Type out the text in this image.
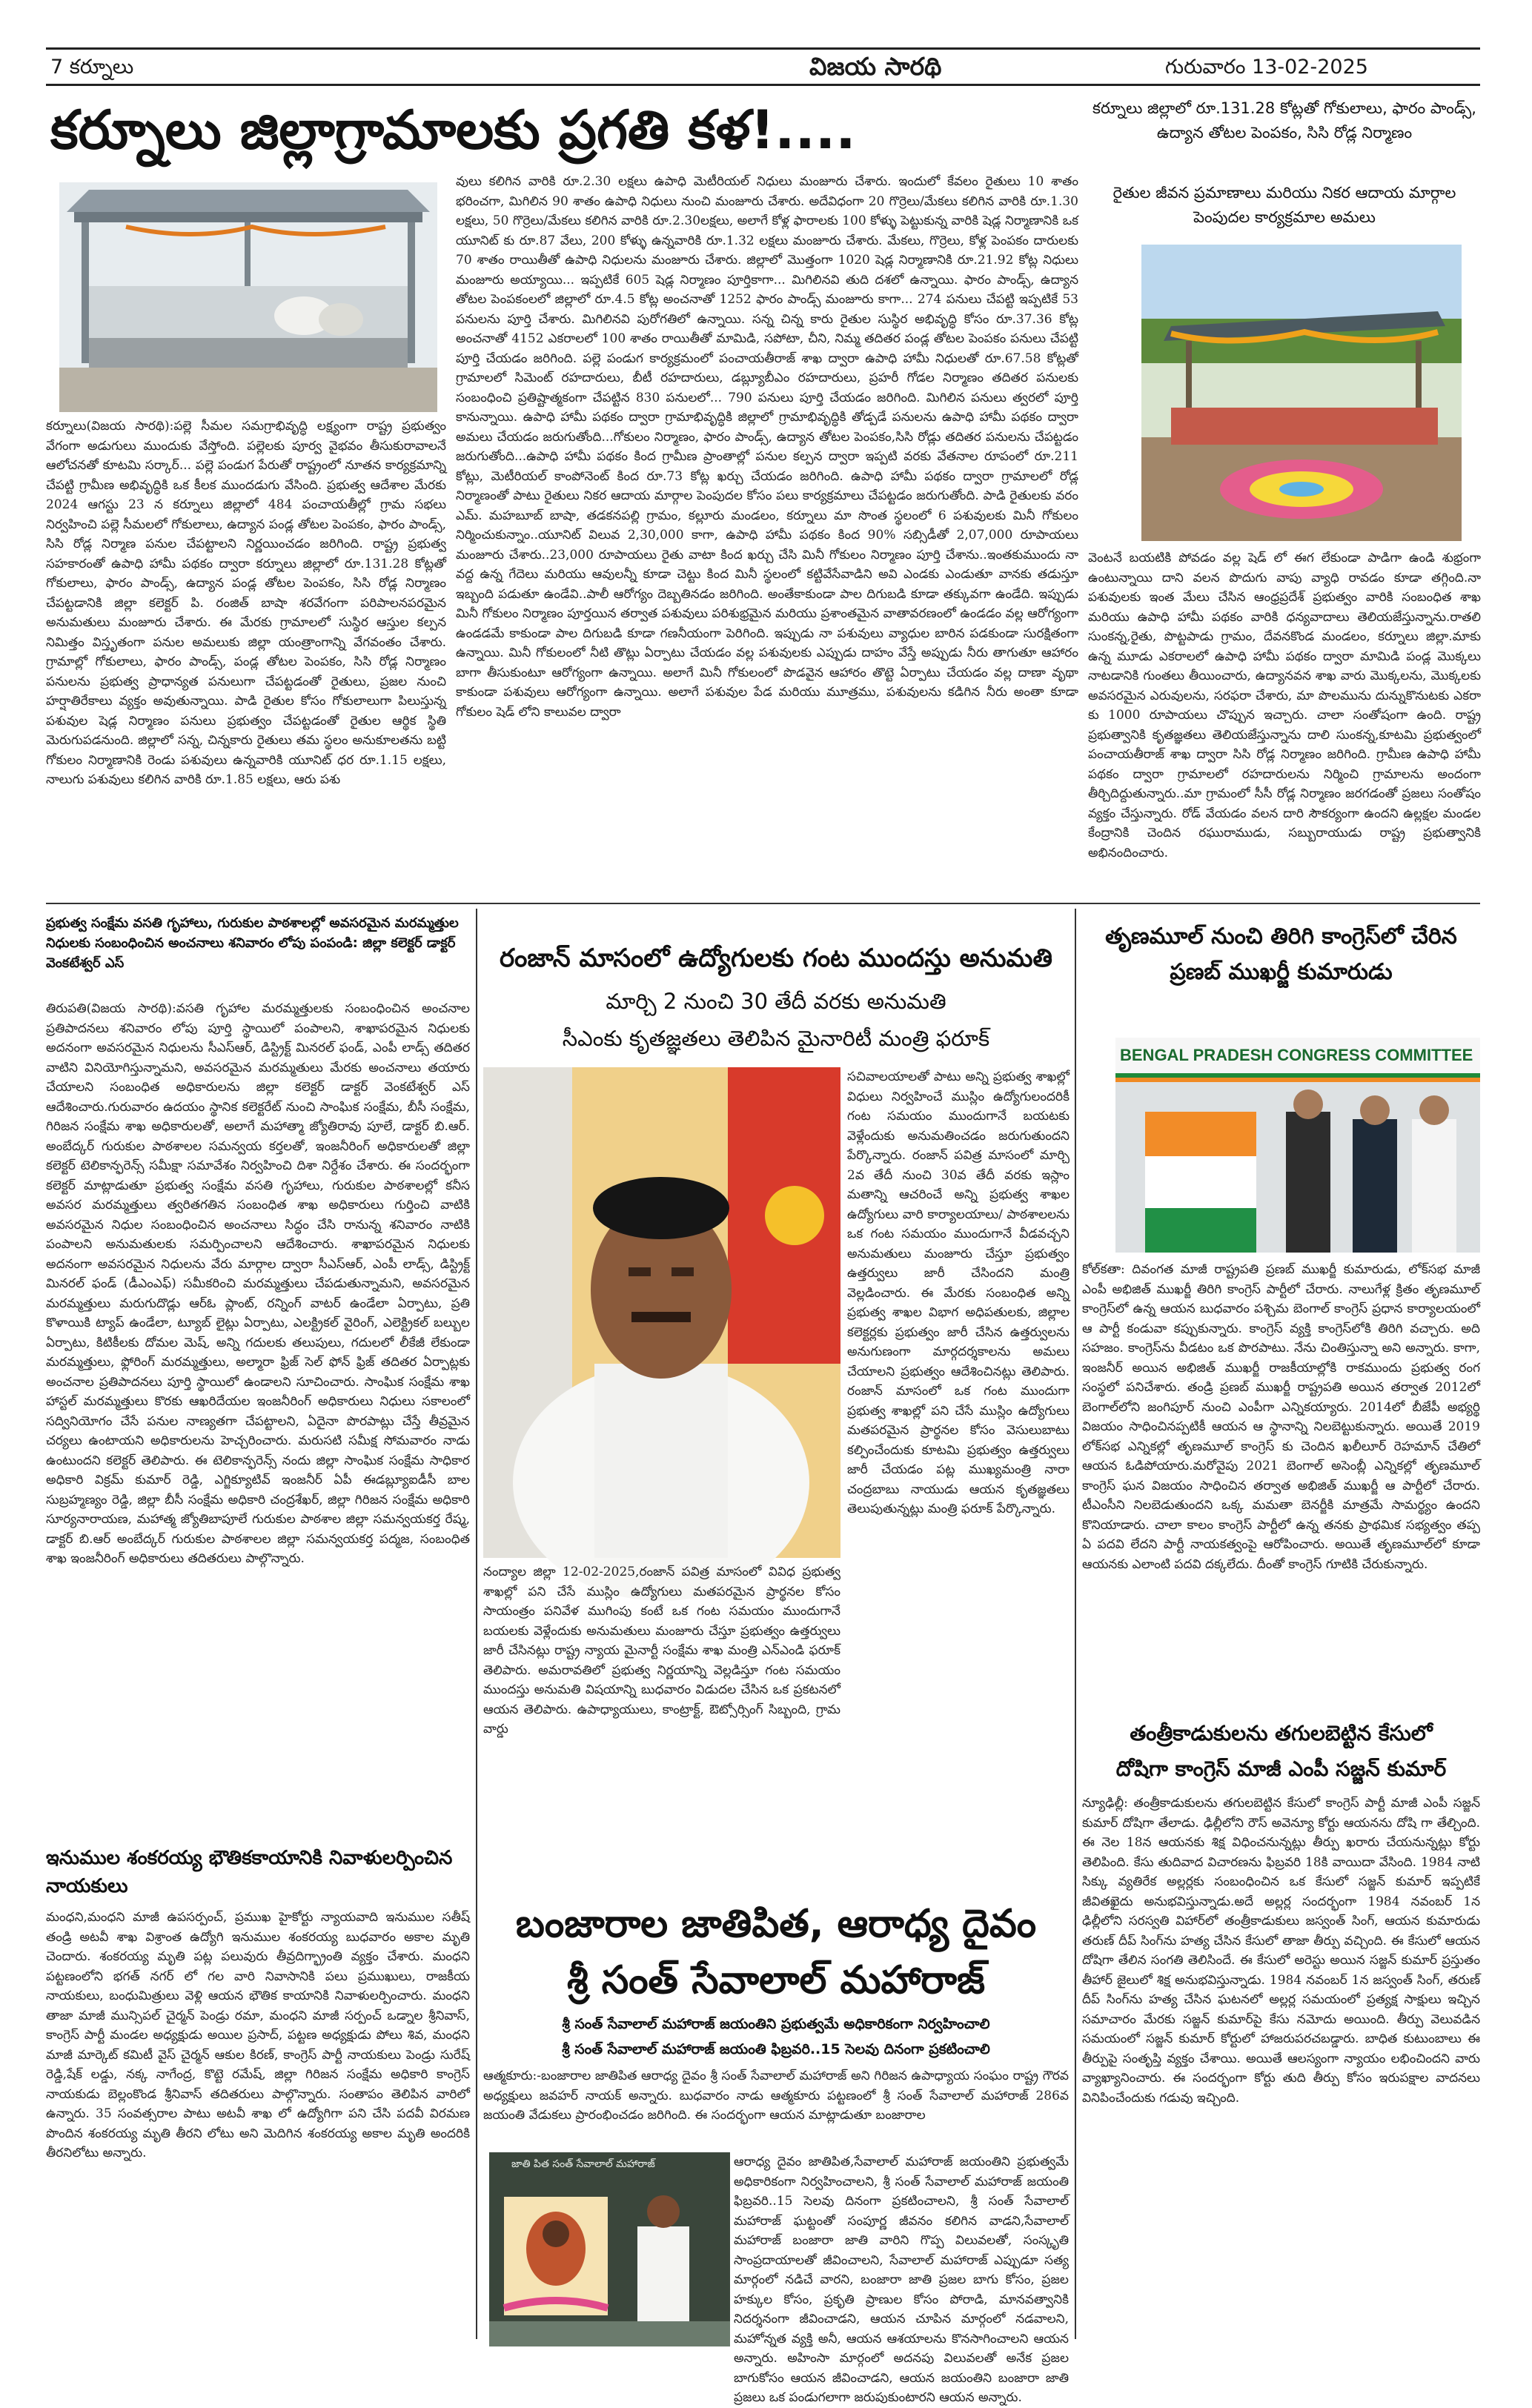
7 కర్నూలు	విజయ సారథి	గురువారం 13-02-2025
కర్నూలు జిల్లాగ్రామాలకు ప్రగతి కళ!....	కర్నూలు జిల్లాలో రూ.131.28 కోట్లతో గోకులాలు, ఫారం పాండ్స్, ఉద్యాన తోటల పెంపకం, సిసి రోడ్ల నిర్మాణం
రైతుల జీవన ప్రమాణాలు మరియు నికర ఆదాయ మార్గాల పెంపుదల కార్యక్రమాల అమలు
కర్నూలు(విజయ సారథి):పల్లె సీమల సమగ్రాభివృద్ధి లక్ష్యంగా రాష్ట్ర ప్రభుత్వం వేగంగా అడుగులు ముందుకు వేస్తోంది. పల్లెలకు పూర్వ వైభవం తీసుకురావాలనే ఆలోచనతో కూటమి సర్కార్... పల్లె పండుగ పేరుతో రాష్ట్రంలో నూతన కార్యక్రమాన్ని చేపట్టి గ్రామీణ అభివృద్ధికి ఒక కీలక ముందడుగు వేసింది. ప్రభుత్వ ఆదేశాల మేరకు 2024 ఆగస్టు 23 న కర్నూలు జిల్లాలో 484 పంచాయతీల్లో గ్రామ సభలు నిర్వహించి పల్లె సీమలలో గోకులాలు, ఉద్యాన పండ్ల తోటల పెంపకం, ఫారం పాండ్స్, సిసి రోడ్ల నిర్మాణ పనుల చేపట్టాలని నిర్ణయించడం జరిగింది. రాష్ట్ర ప్రభుత్వ సహకారంతో ఉపాధి హామీ పథకం ద్వారా కర్నూలు జిల్లాలో రూ.131.28 కోట్లతో గోకులాలు, ఫారం పాండ్స్, ఉద్యాన పండ్ల తోటల పెంపకం, సిసి రోడ్ల నిర్మాణం చేపట్టడానికి జిల్లా కలెక్టర్ పి. రంజిత్ బాషా శరవేగంగా పరిపాలనపరమైన అనుమతులు మంజూరు చేశారు. ఈ మేరకు గ్రామాలలో సుస్థిర ఆస్తుల కల్పన నిమిత్తం విస్తృతంగా పనుల అమలుకు జిల్లా యంత్రాంగాన్ని వేగవంతం చేశారు. గ్రామాల్లో గోకులాలు, ఫారం పాండ్స్, పండ్ల తోటల పెంపకం, సిసి రోడ్ల నిర్మాణం పనులను ప్రభుత్వ ప్రాధాన్యత పనులుగా చేపట్టడంతో రైతులు, ప్రజల నుంచి హర్షాతిరేకాలు వ్యక్తం అవుతున్నాయి. పాడి రైతుల కోసం గోకులాలుగా పిలుస్తున్న పశువుల షెడ్ల నిర్మాణం పనులు ప్రభుత్వం చేపట్టడంతో రైతుల ఆర్థిక స్థితి మెరుగుపడనుంది. జిల్లాలో సన్న, చిన్నకారు రైతులు తమ స్థలం అనుకూలతను బట్టి గోకులం నిర్మాణానికి రెండు పశువులు ఉన్నవారికి యూనిట్ ధర రూ.1.15 లక్షలు, నాలుగు పశువులు కలిగిన వారికి రూ.1.85 లక్షలు, ఆరు పశు
వులు కలిగిన వారికి రూ.2.30 లక్షలు ఉపాధి మెటీరియల్ నిధులు మంజూరు చేశారు. ఇందులో కేవలం రైతులు 10 శాతం భరించగా, మిగిలిన 90 శాతం ఉపాధి నిధులు నుంచి మంజూరు చేశారు. అదేవిధంగా 20 గొర్రెలు/మేకలు కలిగిన వారికి రూ.1.30 లక్షలు, 50 గొర్రెలు/మేకలు కలిగిన వారికి రూ.2.30లక్షలు, అలాగే కోళ్ల ఫారాలకు 100 కోళ్ళు పెట్టుకున్న వారికి షెడ్ల నిర్మాణానికి ఒక యూనిట్ కు రూ.87 వేలు, 200 కోళ్ళు ఉన్నవారికి రూ.1.32 లక్షలు మంజూరు చేశారు. మేకలు, గొర్రెలు, కోళ్ల పెంపకం దారులకు 70 శాతం రాయితీతో ఉపాధి నిధులను మంజూరు చేశారు. జిల్లాలో మొత్తంగా 1020 షెడ్ల నిర్మాణానికి రూ.21.92 కోట్ల నిధులు మంజూరు అయ్యాయి... ఇప్పటికే 605 షెడ్ల నిర్మాణం పూర్తికాగా... మిగిలినవి తుది దశలో ఉన్నాయి. ఫారం పాండ్స్, ఉద్యాన తోటల పెంపకంలలో జిల్లాలో రూ.4.5 కోట్ల అంచనాతో 1252 ఫారం పాండ్స్ మంజూరు కాగా... 274 పనులు చేపట్టి ఇప్పటికే 53 పనులను పూర్తి చేశారు. మిగిలినవి పురోగతిలో ఉన్నాయి. సన్న చిన్న కారు రైతుల సుస్థిర అభివృద్ధి కోసం రూ.37.36 కోట్ల అంచనాతో 4152 ఎకరాలలో 100 శాతం రాయితీతో మామిడి, సపోటా, చీని, నిమ్మ తదితర పండ్ల తోటల పెంపకం పనులు చేపట్టి పూర్తి చేయడం జరిగింది. పల్లె పండుగ కార్యక్రమంలో పంచాయతీరాజ్ శాఖ ద్వారా ఉపాధి హామీ నిధులతో రూ.67.58 కోట్లతో గ్రామాలలో సిమెంట్ రహదారులు, బీటీ రహదారులు, డబ్ల్యూబీఎం రహదారులు, ప్రహరీ గోడల నిర్మాణం తదితర పనులకు సంబంధించి ప్రతిష్టాత్మకంగా చేపట్టిన 830 పనులలో... 790 పనులు పూర్తి చేయడం జరిగింది. మిగిలిన పనులు త్వరలో పూర్తి కానున్నాయి. ఉపాధి హామీ పథకం ద్వారా గ్రామాభివృద్ధికి జిల్లాలో గ్రామాభివృద్ధికి తోడ్పడే పనులను ఉపాధి హామీ పథకం ద్వారా అమలు చేయడం జరుగుతోంది...గోకులం నిర్మాణం, ఫారం పాండ్స్, ఉద్యాన తోటల పెంపకం,సిసి రోడ్లు తదితర పనులను చేపట్టడం జరుగుతోంది...ఉపాధి హామీ పథకం కింద గ్రామీణ ప్రాంతాల్లో పనుల కల్పన ద్వారా ఇప్పటి వరకు వేతనాల రూపంలో రూ.211 కోట్లు, మెటీరియల్ కాంపోనెంట్ కింద రూ.73 కోట్ల ఖర్చు చేయడం జరిగింది. ఉపాధి హామీ పథకం ద్వారా గ్రామాలలో రోడ్ల నిర్మాణంతో పాటు రైతులు నికర ఆదాయ మార్గాల పెంపుదల కోసం పలు కార్యక్రమాలు చేపట్టడం జరుగుతోంది. పాడి రైతులకు వరం ఎమ్. మహబూబ్ బాషా, తడకనపల్లి గ్రామం, కల్లూరు మండలం, కర్నూలు మా సొంత స్థలంలో 6 పశువులకు మినీ గోకులం నిర్మించుకున్నాం..యూనిట్ విలువ 2,30,000 కాగా, ఉపాధి హామీ పథకం కింద 90% సబ్సిడీతో 2,07,000 రూపాయలు మంజూరు చేశారు..23,000 రూపాయలు రైతు వాటా కింద ఖర్చు చేసి మినీ గోకులం నిర్మాణం పూర్తి చేశాను..ఇంతకుముందు నా వద్ద ఉన్న గేదెలు మరియు ఆవులన్నీ కూడా చెట్టు కింద మినీ స్థలంలో కట్టివేసేవాడిని అవి ఎండకు ఎండుతూ వానకు తడుస్తూ ఇబ్బంది పడుతూ ఉండేవి..పాలీ ఆరోగ్యం దెబ్బతినడం జరిగింది. అంతేకాకుండా పాల దిగుబడి కూడా తక్కువగా ఉండేది. ఇప్పుడు మినీ గోకులం నిర్మాణం పూర్తయిన తర్వాత పశువులు పరిశుభ్రమైన మరియు ప్రశాంతమైన వాతావరణంలో ఉండడం వల్ల ఆరోగ్యంగా ఉండడమే కాకుండా పాల దిగుబడి కూడా గణనీయంగా పెరిగింది. ఇప్పుడు నా పశువులు వ్యాధుల బారిన పడకుండా సురక్షితంగా ఉన్నాయి. మినీ గోకులంలో నీటి తొట్లు ఏర్పాటు చేయడం వల్ల పశువులకు ఎప్పుడు దాహం వేస్తే అప్పుడు నీరు తాగుతూ ఆహారం బాగా తీసుకుంటూ ఆరోగ్యంగా ఉన్నాయి. అలాగే మినీ గోకులంలో పొడవైన ఆహారం తొట్టె ఏర్పాటు చేయడం వల్ల దాణా వృథా కాకుండా పశువులు ఆరోగ్యంగా ఉన్నాయి. అలాగే పశువుల పేడ మరియు మూత్రము, పశువులను కడిగిన నీరు అంతా కూడా గోకులం షెడ్ లోని కాలువల ద్వారా
వెంటనే బయటికి పోవడం వల్ల షెడ్ లో ఈగ లేకుండా పాడిగా ఉండి శుభ్రంగా ఉంటున్నాయి దాని వలన పొదుగు వాపు వ్యాధి రావడం కూడా తగ్గింది.నా పశువులకు ఇంత మేలు చేసిన ఆంధ్రప్రదేశ్ ప్రభుత్వం వారికి సంబంధిత శాఖ మరియు ఉపాధి హామీ పథకం వారికి ధన్యవాదాలు తెలియజేస్తున్నాను.రాతలి సుంకన్న,రైతు, పొట్టపాడు గ్రామం, దేవనకొండ మండలం, కర్నూలు జిల్లా.మాకు ఉన్న మూడు ఎకరాలలో ఉపాధి హామీ పథకం ద్వారా మామిడి పండ్ల మొక్కలు నాటడానికి గుంతలు తీయించారు, ఉద్యానవన శాఖ వారు మొక్కలను, మొక్కలకు అవసరమైన ఎరువులను, సరఫరా చేశారు, మా పొలమును దున్నుకొనుటకు ఎకరా కు 1000 రూపాయలు చొప్పున ఇచ్చారు. చాలా సంతోషంగా ఉంది. రాష్ట్ర ప్రభుత్వానికి కృతజ్ఞతలు తెలియజేస్తున్నాను దాలి సుంకన్న,కూటమి ప్రభుత్వంలో పంచాయతీరాజ్ శాఖ ద్వారా సిసి రోడ్ల నిర్మాణం జరిగింది. గ్రామీణ ఉపాధి హామీ పథకం ద్వారా గ్రామాలలో రహదారులను నిర్మించి గ్రామాలను అందంగా తీర్చిదిద్దుతున్నారు..మా గ్రామంలో సీసీ రోడ్ల నిర్మాణం జరగడంతో ప్రజలు సంతోషం వ్యక్తం చేస్తున్నారు. రోడ్ వేయడం వలన దారి సౌకర్యంగా ఉందని ఉల్లక్షల మండల కేంద్రానికి చెందిన రఘురాముడు, సబ్బురాయుడు రాష్ట్ర ప్రభుత్వానికి అభినందించారు.
ప్రభుత్వ సంక్షేమ వసతి గృహాలు, గురుకుల పాఠశాలల్లో అవసరమైన మరమ్మత్తుల నిధులకు సంబంధించిన అంచనాలు శనివారం లోపు పంపండి: జిల్లా కలెక్టర్ డాక్టర్ వెంకటేశ్వర్ ఎస్
తిరుపతి(విజయ సారథి):వసతి గృహాల మరమ్మత్తులకు సంబంధించిన అంచనాల ప్రతిపాదనలు శనివారం లోపు పూర్తి స్థాయిలో పంపాలని, శాఖాపరమైన నిధులకు అదనంగా అవసరమైన నిధులను సీఎస్ఆర్, డిస్ట్రిక్ట్ మినరల్ ఫండ్, ఎంపీ లాడ్స్ తదితర వాటిని వినియోగిస్తున్నామని, అవసరమైన మరమ్మతులు మేరకు అంచనాలు తయారు చేయాలని సంబంధిత అధికారులను జిల్లా కలెక్టర్ డాక్టర్ వెంకటేశ్వర్ ఎస్ ఆదేశించారు.గురువారం ఉదయం స్థానిక కలెక్టరేట్ నుంచి సాంఘిక సంక్షేమ, బీసీ సంక్షేమ, గిరిజన సంక్షేమ శాఖ అధికారులతో, అలాగే మహాత్మా జ్యోతిరావు పూలే, డాక్టర్ బి.ఆర్. అంబేద్కర్ గురుకుల పాఠశాలల సమన్వయ కర్తలతో, ఇంజనీరింగ్ అధికారులతో జిల్లా కలెక్టర్ టెలికాన్ఫరెన్స్ సమీక్షా సమావేశం నిర్వహించి దిశా నిర్దేశం చేశారు. ఈ సందర్భంగా కలెక్టర్ మాట్లాడుతూ ప్రభుత్వ సంక్షేమ వసతి గృహాలు, గురుకుల పాఠశాలల్లో కనీస అవసర మరమ్మత్తులు త్వరితగతిన సంబంధిత శాఖ అధికారులు గుర్తించి వాటికి అవసరమైన నిధుల సంబంధించిన అంచనాలు సిద్ధం చేసి రానున్న శనివారం నాటికి పంపాలని అనుమతులకు సమర్పించాలని ఆదేశించారు. శాఖాపరమైన నిధులకు అదనంగా అవసరమైన నిధులను వేరు మార్గాల ద్వారా సీఎస్ఆర్, ఎంపీ లాడ్స్, డిస్ట్రిక్ట్ మినరల్ ఫండ్ (డీఎంఎఫ్) సమీకరించి మరమ్మత్తులు చేపడుతున్నామని, అవసరమైన మరమ్మత్తులు మరుగుదొడ్లు ఆర్ఓ ప్లాంట్, రన్నింగ్ వాటర్ ఉండేలా ఏర్పాటు, ప్రతి కొళాయికి ట్యాప్ ఉండేలా, ట్యూబ్ లైట్లు ఏర్పాటు, ఎలక్ట్రికల్ వైరింగ్, ఎలెక్ట్రికల్ బల్బుల ఏర్పాటు, కిటికీలకు దోమల మెష్, అన్ని గదులకు తలుపులు, గదులలో లీకేజీ లేకుండా మరమ్మత్తులు, ఫ్లోరింగ్ మరమ్మత్తులు, అల్మారా ఫ్రిజ్ సెల్ ఫోన్ ఫ్రిజ్ తదితర ఏర్పాట్లకు అంచనాల ప్రతిపాదనలు పూర్తి స్థాయిలో ఉండాలని సూచించారు. సాంఘిక సంక్షేమ శాఖ హాస్టల్ మరమ్మత్తులు కొరకు ఆఖరిదేయల ఇంజనీరింగ్ అధికారులు నిధులు సకాలంలో సద్వినియోగం చేసే పనుల నాణ్యతగా చేపట్టాలని, ఏదైనా పొరపాట్లు చేస్తే తీవ్రమైన చర్యలు ఉంటాయని అధికారులను హెచ్చరించారు. మరుసటి సమీక్ష సోమవారం నాడు ఉంటుందని కలెక్టర్ తెలిపారు. ఈ టెలికాన్ఫరెన్స్ నందు జిల్లా సాంఘిక సంక్షేమ సాధికార అధికారి విక్రమ్ కుమార్ రెడ్డి, ఎగ్జిక్యూటివ్ ఇంజనీర్ ఏపీ ఈడబ్ల్యూఐడీసీ బాల సుబ్రహ్మణ్యం రెడ్డి, జిల్లా బీసీ సంక్షేమ అధికారి చంద్రశేఖర్, జిల్లా గిరిజన సంక్షేమ అధికారి సూర్యనారాయణ, మహాత్మ జ్యోతిబాపూలే గురుకుల పాఠశాల జిల్లా సమన్వయకర్త రేష్మ, డాక్టర్ బి.ఆర్ అంబేద్కర్ గురుకుల పాఠశాలల జిల్లా సమన్వయకర్త పద్మజ, సంబంధిత శాఖ ఇంజనీరింగ్ అధికారులు తదితరులు పాల్గొన్నారు.
ఇనుముల శంకరయ్య భౌతికకాయానికి నివాళులర్పించిన నాయకులు
మంధని,మంధని మాజీ ఉపసర్పంచ్, ప్రముఖ హైకోర్టు న్యాయవాది ఇనుముల సతీష్ తండ్రి అటవీ శాఖ విశ్రాంత ఉద్యోగి ఇనుముల శంకరయ్య బుధవారం అకాల మృతి చెందారు. శంకరయ్య మృతి పట్ల పలువురు తీవ్రదిగ్భ్రాంతి వ్యక్తం చేశారు. మంధని పట్టణంలోని భగత్ నగర్ లో గల వారి నివాసానికి పలు ప్రముఖులు, రాజకీయ నాయకులు, బంధుమిత్రులు వెళ్లి ఆయన భౌతిక కాయానికి నివాళులర్పించారు. మంధని తాజా మాజీ మున్సిపల్ చైర్మన్ పెండ్రు రమా, మంధని మాజీ సర్పంచ్ ఒడ్నాల శ్రీనివాస్, కాంగ్రెస్ పార్టీ మండల అధ్యక్షుడు అయిల ప్రసాద్, పట్టణ అధ్యక్షుడు పోలు శివ, మంధని మాజీ మార్కెట్ కమిటీ వైస్ చైర్మన్ ఆకుల కిరణ్, కాంగ్రెస్ పార్టీ నాయకులు పెండ్రు సురేష్ రెడ్డి,షేక్ లడ్డు, నక్క నాగేంద్ర, కొట్టె రమేష్, జిల్లా గిరిజన సంక్షేమ అధికారి కాంగ్రెస్ నాయకుడు బెల్లంకొండ శ్రీనివాస్ తదితరులు పాల్గొన్నారు. సంతాపం తెలిపిన వారిలో ఉన్నారు. 35 సంవత్సరాల పాటు అటవీ శాఖ లో ఉద్యోగిగా పని చేసి పదవీ విరమణ పొందిన శంకరయ్య మృతి తీరని లోటు అని మెదిగిన శంకరయ్య అకాల మృతి అందరికి తీరనిలోటు అన్నారు.
రంజాన్ మాసంలో ఉద్యోగులకు గంట ముందస్తు అనుమతి
మార్చి 2 నుంచి 30 తేదీ వరకు అనుమతి
సీఎంకు కృతజ్ఞతలు తెలిపిన మైనారిటీ మంత్రి ఫరూక్
సచివాలయాలతో పాటు అన్ని ప్రభుత్వ శాఖల్లో విధులు నిర్వహించే ముస్లిం ఉద్యోగులందరికీ గంట సమయం ముందుగానే బయటకు వెళ్లేందుకు అనుమతించడం జరుగుతుందని పేర్కొన్నారు. రంజాన్ పవిత్ర మాసంలో మార్చి 2వ తేదీ నుంచి 30వ తేదీ వరకు ఇస్లాం మతాన్ని ఆచరించే అన్ని ప్రభుత్వ శాఖల ఉద్యోగులు వారి కార్యాలయాలు/ పాఠశాలలను ఒక గంట సమయం ముందుగానే వీడవచ్చని అనుమతులు మంజూరు చేస్తూ ప్రభుత్వం ఉత్తర్వులు జారీ చేసిందని మంత్రి వెల్లడించారు. ఈ మేరకు సంబంధిత అన్ని ప్రభుత్వ శాఖల విభాగ అధిపతులకు, జిల్లాల కలెక్టర్లకు ప్రభుత్వం జారీ చేసిన ఉత్తర్వులను అనుగుణంగా మార్గదర్శకాలను అమలు చేయాలని ప్రభుత్వం ఆదేశించినట్లు తెలిపారు. రంజాన్ మాసంలో ఒక గంట ముందుగా ప్రభుత్వ శాఖల్లో పని చేసే ముస్లిం ఉద్యోగులు మతపరమైన ప్రార్థనల కోసం వెసులుబాటు కల్పించేందుకు కూటమి ప్రభుత్వం ఉత్తర్వులు జారీ చేయడం పట్ల ముఖ్యమంత్రి నారా చంద్రబాబు నాయుడు ఆయన కృతజ్ఞతలు తెలుపుతున్నట్లు మంత్రి ఫరూక్ పేర్కొన్నారు.
నంద్యాల జిల్లా 12-02-2025,రంజాన్ పవిత్ర మాసంలో వివిధ ప్రభుత్వ శాఖల్లో పని చేసే ముస్లిం ఉద్యోగులు మతపరమైన ప్రార్థనల కోసం సాయంత్రం పనివేళ ముగింపు కంటే ఒక గంట సమయం ముందుగానే బయలకు వెళ్లేందుకు అనుమతులు మంజూరు చేస్తూ ప్రభుత్వం ఉత్తర్వులు జారీ చేసినట్లు రాష్ట్ర న్యాయ మైనార్టీ సంక్షేమ శాఖ మంత్రి ఎన్ఎండి ఫరూక్ తెలిపారు. అమరావతిలో ప్రభుత్వ నిర్ణయాన్ని వెల్లడిస్తూ గంట సమయం ముందస్తు అనుమతి విషయాన్ని బుధవారం విడుదల చేసిన ఒక ప్రకటనలో ఆయన తెలిపారు. ఉపాధ్యాయులు, కాంట్రాక్ట్, ఔట్సోర్సింగ్ సిబ్బంది, గ్రామ వార్డు
బంజారాల జాతిపిత, ఆరాధ్య దైవం
శ్రీ సంత్ సేవాలాల్ మహారాజ్
శ్రీ సంత్ సేవాలాల్ మహారాజ్ జయంతిని ప్రభుత్వమే అధికారికంగా నిర్వహించాలి
శ్రీ సంత్ సేవాలాల్ మహారాజ్ జయంతి ఫిబ్రవరి..15 సెలవు దినంగా ప్రకటించాలి
ఆత్మకూరు:-బంజారాల జాతిపిత ఆరాధ్య దైవం శ్రీ సంత్ సేవాలాల్ మహారాజ్ అని గిరిజన ఉపాధ్యాయ సంఘం రాష్ట్ర గౌరవ అధ్యక్షులు జవహర్ నాయక్ అన్నారు. బుధవారం నాడు ఆత్మకూరు పట్టణంలో శ్రీ సంత్ సేవాలాల్ మహారాజ్ 286వ జయంతి వేడుకలు ప్రారంభించడం జరిగింది. ఈ సందర్భంగా ఆయన మాట్లాడుతూ బంజారాల
జాతి పిత సంత్ సేవాలాల్ మహారాజ్	ఆరాధ్య దైవం జాతిపిత,సేవాలాల్ మహారాజ్ జయంతిని ప్రభుత్వమే అధికారికంగా నిర్వహించాలని, శ్రీ సంత్ సేవాలాల్ మహారాజ్ జయంతి ఫిబ్రవరి..15 సెలవు దినంగా ప్రకటించాలని, శ్రీ సంత్ సేవాలాల్ మహారాజ్ ఘట్టంతో సంపూర్ణ జీవనం కలిగిన వాడని,సేవాలాల్ మహారాజ్ బంజారా జాతి వారిని గొప్ప విలువలతో, సంస్కృతి సాంప్రదాయాలతో జీవించాలని, సేవాలాల్ మహారాజ్ ఎప్పుడూ సత్య మార్గంలో నడిచే వారని, బంజారా జాతి ప్రజల బాగు కోసం, ప్రజల హక్కుల కోసం, ప్రకృతి ప్రాణుల కోసం పోరాడి, మానవత్వానికి నిదర్శనంగా జీవించాడని, ఆయన చూపిన మార్గంలో నడవాలని, మహోన్నత వ్యక్తి అనీ, ఆయన ఆశయాలను కొనసాగించాలని ఆయన అన్నారు. అహింసా మార్గంలో అదనపు విలువలతో అనేక ప్రజల బాగుకోసం ఆయన జీవించాడని, ఆయన జయంతిని బంజారా జాతి ప్రజలు ఒక పండుగలాగా జరుపుకుంటారని ఆయన అన్నారు.
తృణమూల్ నుంచి తిరిగి కాంగ్రెస్‌లో చేరిన ప్రణబ్ ముఖర్జీ కుమారుడు
BENGAL PRADESH CONGRESS COMMITTEE
కోల్‌కతా: దివంగత మాజీ రాష్ట్రపతి ప్రణబ్ ముఖర్జీ కుమారుడు, లోక్‌సభ మాజీ ఎంపీ అభిజిత్ ముఖర్జీ తిరిగి కాంగ్రెస్ పార్టీలో చేరారు. నాలుగేళ్ల క్రితం తృణమూల్ కాంగ్రెస్‌లో ఉన్న ఆయన బుధవారం పశ్చిమ బెంగాల్ కాంగ్రెస్ ప్రధాన కార్యాలయంలో ఆ పార్టీ కండువా కప్పుకున్నారు. కాంగ్రెస్ వ్యక్తి కాంగ్రెస్‌లోకి తిరిగి వచ్చారు. అది సహజం. కాంగ్రెస్‌ను వీడటం ఒక పొరపాటు. నేను చింతిస్తున్నా అని అన్నారు. కాగా, ఇంజనీర్ అయిన అభిజిత్ ముఖర్జీ రాజకీయాల్లోకి రాకముందు ప్రభుత్వ రంగ సంస్థలో పనిచేశారు. తండ్రి ప్రణబ్ ముఖర్జీ రాష్ట్రపతి అయిన తర్వాత 2012లో బెంగాల్‌లోని జంగిపూర్ నుంచి ఎంపీగా ఎన్నికయ్యారు. 2014లో బీజేపీ అభ్యర్థి విజయం సాధించినప్పటికీ ఆయన ఆ స్థానాన్ని నిలబెట్టుకున్నారు. అయితే 2019 లోక్‌సభ ఎన్నికల్లో తృణమూల్ కాంగ్రెస్ కు చెందిన ఖలీలూర్ రెహమాన్ చేతిలో ఆయన ఓడిపోయారు.మరోవైపు 2021 బెంగాల్ అసెంబ్లీ ఎన్నికల్లో తృణమూల్ కాంగ్రెస్ ఘన విజయం సాధించిన తర్వాత అభిజిత్ ముఖర్జీ ఆ పార్టీలో చేరారు. టీఎంసీని నిలబెడుతుందని ఒక్క మమతా బెనర్జీకి మాత్రమే సామర్థ్యం ఉందని కొనియాడారు. చాలా కాలం కాంగ్రెస్ పార్టీలో ఉన్న తనకు ప్రాథమిక సభ్యత్వం తప్ప ఏ పదవి లేదని పార్టీ నాయకత్వంపై ఆరోపించారు. అయితే తృణమూల్‌లో కూడా ఆయనకు ఎలాంటి పదవి దక్కలేదు. దీంతో కాంగ్రెస్ గూటికి చేరుకున్నారు.
తంత్రీకాడుకులను తగులబెట్టిన కేసులో
దోషిగా కాంగ్రెస్ మాజీ ఎంపీ సజ్జన్ కుమార్
న్యూఢిల్లీ: తంత్రీకాడుకులను తగులబెట్టిన కేసులో కాంగ్రెస్ పార్టీ మాజీ ఎంపీ సజ్జన్ కుమార్ దోషిగా తేలాడు. ఢిల్లీలోని రౌస్ అవెన్యూ కోర్టు ఆయనను దోషి గా తేల్చింది. ఈ నెల 18న ఆయనకు శిక్ష విధించనున్నట్లు తీర్పు ఖరారు చేయనున్నట్లు కోర్టు తెలిపింది. కేసు తుదివాద విచారణను ఫిబ్రవరి 18కి వాయిదా వేసింది. 1984 నాటి సిక్కు వ్యతిరేక అల్లర్లకు సంబంధించిన ఒక కేసులో సజ్జన్ కుమార్ ఇప్పటికే జీవితఖైదు అనుభవిస్తున్నాడు.అదే అల్లర్ల సందర్భంగా 1984 నవంబర్ 1న ఢిల్లీలోని సరస్వతి విహార్‌లో తంత్రీకాడుకులు జస్వంత్ సింగ్, ఆయన కుమారుడు తరుణ్ దీప్ సింగ్‌ను హత్య చేసిన కేసులో తాజా తీర్పు వచ్చింది. ఈ కేసులో ఆయన దోషిగా తేలిన సంగతి తెలిసిందే. ఈ కేసులో అరెస్టు అయిన సజ్జన్ కుమార్ ప్రస్తుతం తీహార్ జైలులో శిక్ష అనుభవిస్తున్నాడు. 1984 నవంబర్ 1న జస్వంత్ సింగ్, తరుణ్ దీప్ సింగ్‌ను హత్య చేసిన ఘటనలో అల్లర్ల సమయంలో ప్రత్యక్ష సాక్షులు ఇచ్చిన సమాచారం మేరకు సజ్జన్ కుమార్‌పై కేసు నమోదు అయింది. తీర్పు వెలువడిన సమయంలో సజ్జన్ కుమార్ కోర్టులో హాజరుపరచబడ్డారు. బాధిత కుటుంబాలు ఈ తీర్పుపై సంతృప్తి వ్యక్తం చేశాయి. అయితే ఆలస్యంగా న్యాయం లభించిందని వారు వ్యాఖ్యానించారు. ఈ సందర్భంగా కోర్టు తుది తీర్పు కోసం ఇరుపక్షాల వాదనలు వినిపించేందుకు గడువు ఇచ్చింది.
